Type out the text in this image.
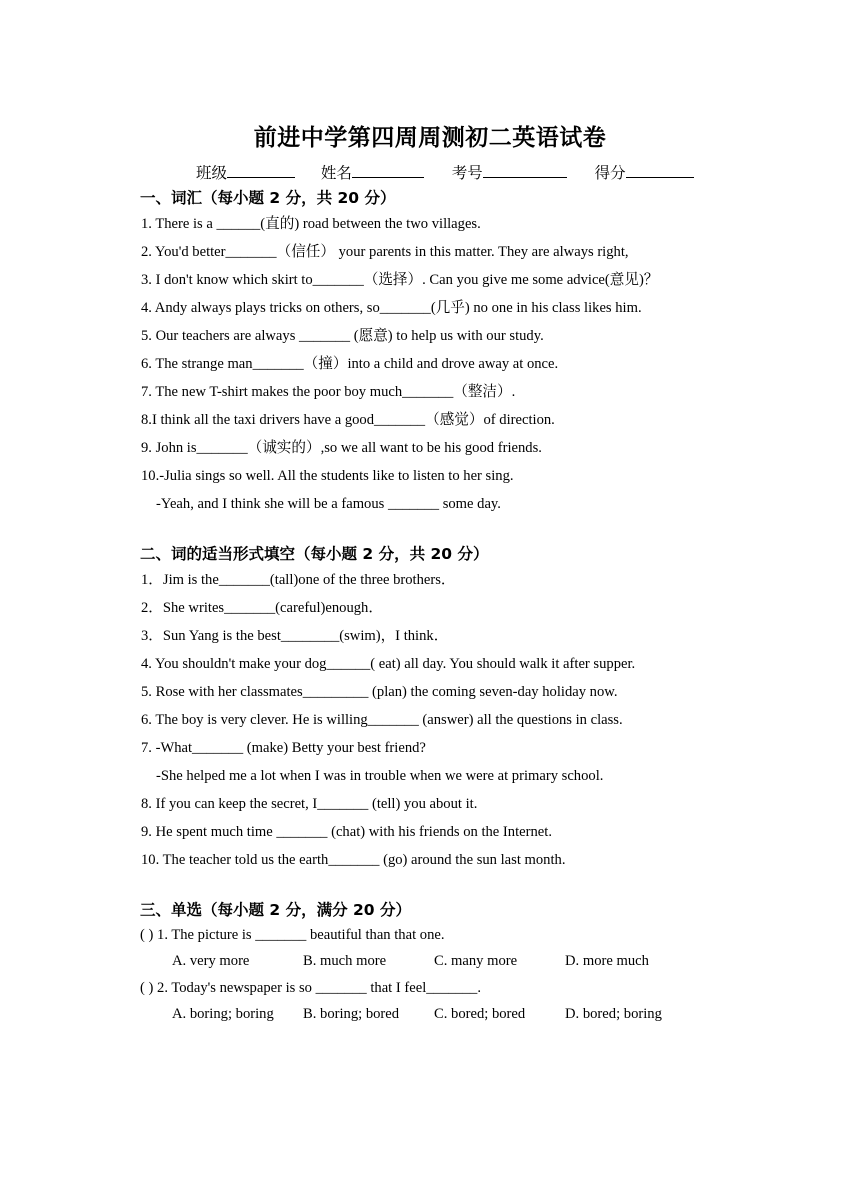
前进中学第四周周测初二英语试卷
班级	姓名	考号	得分
一、词汇（每小题 2 分，共 20 分）
1. There is a ______(直的) road between the two villages.
2. You'd better_______（信任） your parents in this matter. They are always right,
3. I don't know which skirt to_______（选择）. Can you give me some advice(意见)？
4. Andy always plays tricks on others, so_______(几乎) no one in his class likes him.
5. Our teachers are always _______ (愿意) to help us with our study.
6. The strange man_______（撞）into a child and drove away at once.
7. The new T-shirt makes the poor boy much_______（整洁）.
8.I think all the taxi drivers have a good_______（感觉）of direction.
9. John is_______（诚实的）,so we all want to be his good friends.
10.-Julia sings so well. All the students like to listen to her sing.
-Yeah, and I think she will be a famous _______ some day.
二、词的适当形式填空（每小题 2 分，共 20 分）
1．Jim is the_______(tall)one of the three brothers．
2．She writes_______(careful)enough．
3．Sun Yang is the best________(swim)，I think．
4. You shouldn't make your dog______( eat) all day. You should walk it after supper.
5. Rose with her classmates_________ (plan) the coming seven-day holiday now.
6. The boy is very clever. He is willing_______ (answer) all the questions in class.
7. -What_______ (make) Betty your best friend?
-She helped me a lot when I was in trouble when we were at primary school.
8. If you can keep the secret, I_______ (tell) you about it.
9. He spent much time _______ (chat) with his friends on the Internet.
10. The teacher told us the earth_______ (go) around the sun last month.
三、单选（每小题 2 分，满分 20 分）
( ) 1. The picture is _______ beautiful than that one.
A. very more	B. much more	C. many more	D. more much
( ) 2. Today's newspaper is so _______ that I feel_______.
A. boring; boring B. boring; bored C. bored; bored	D. bored; boring
